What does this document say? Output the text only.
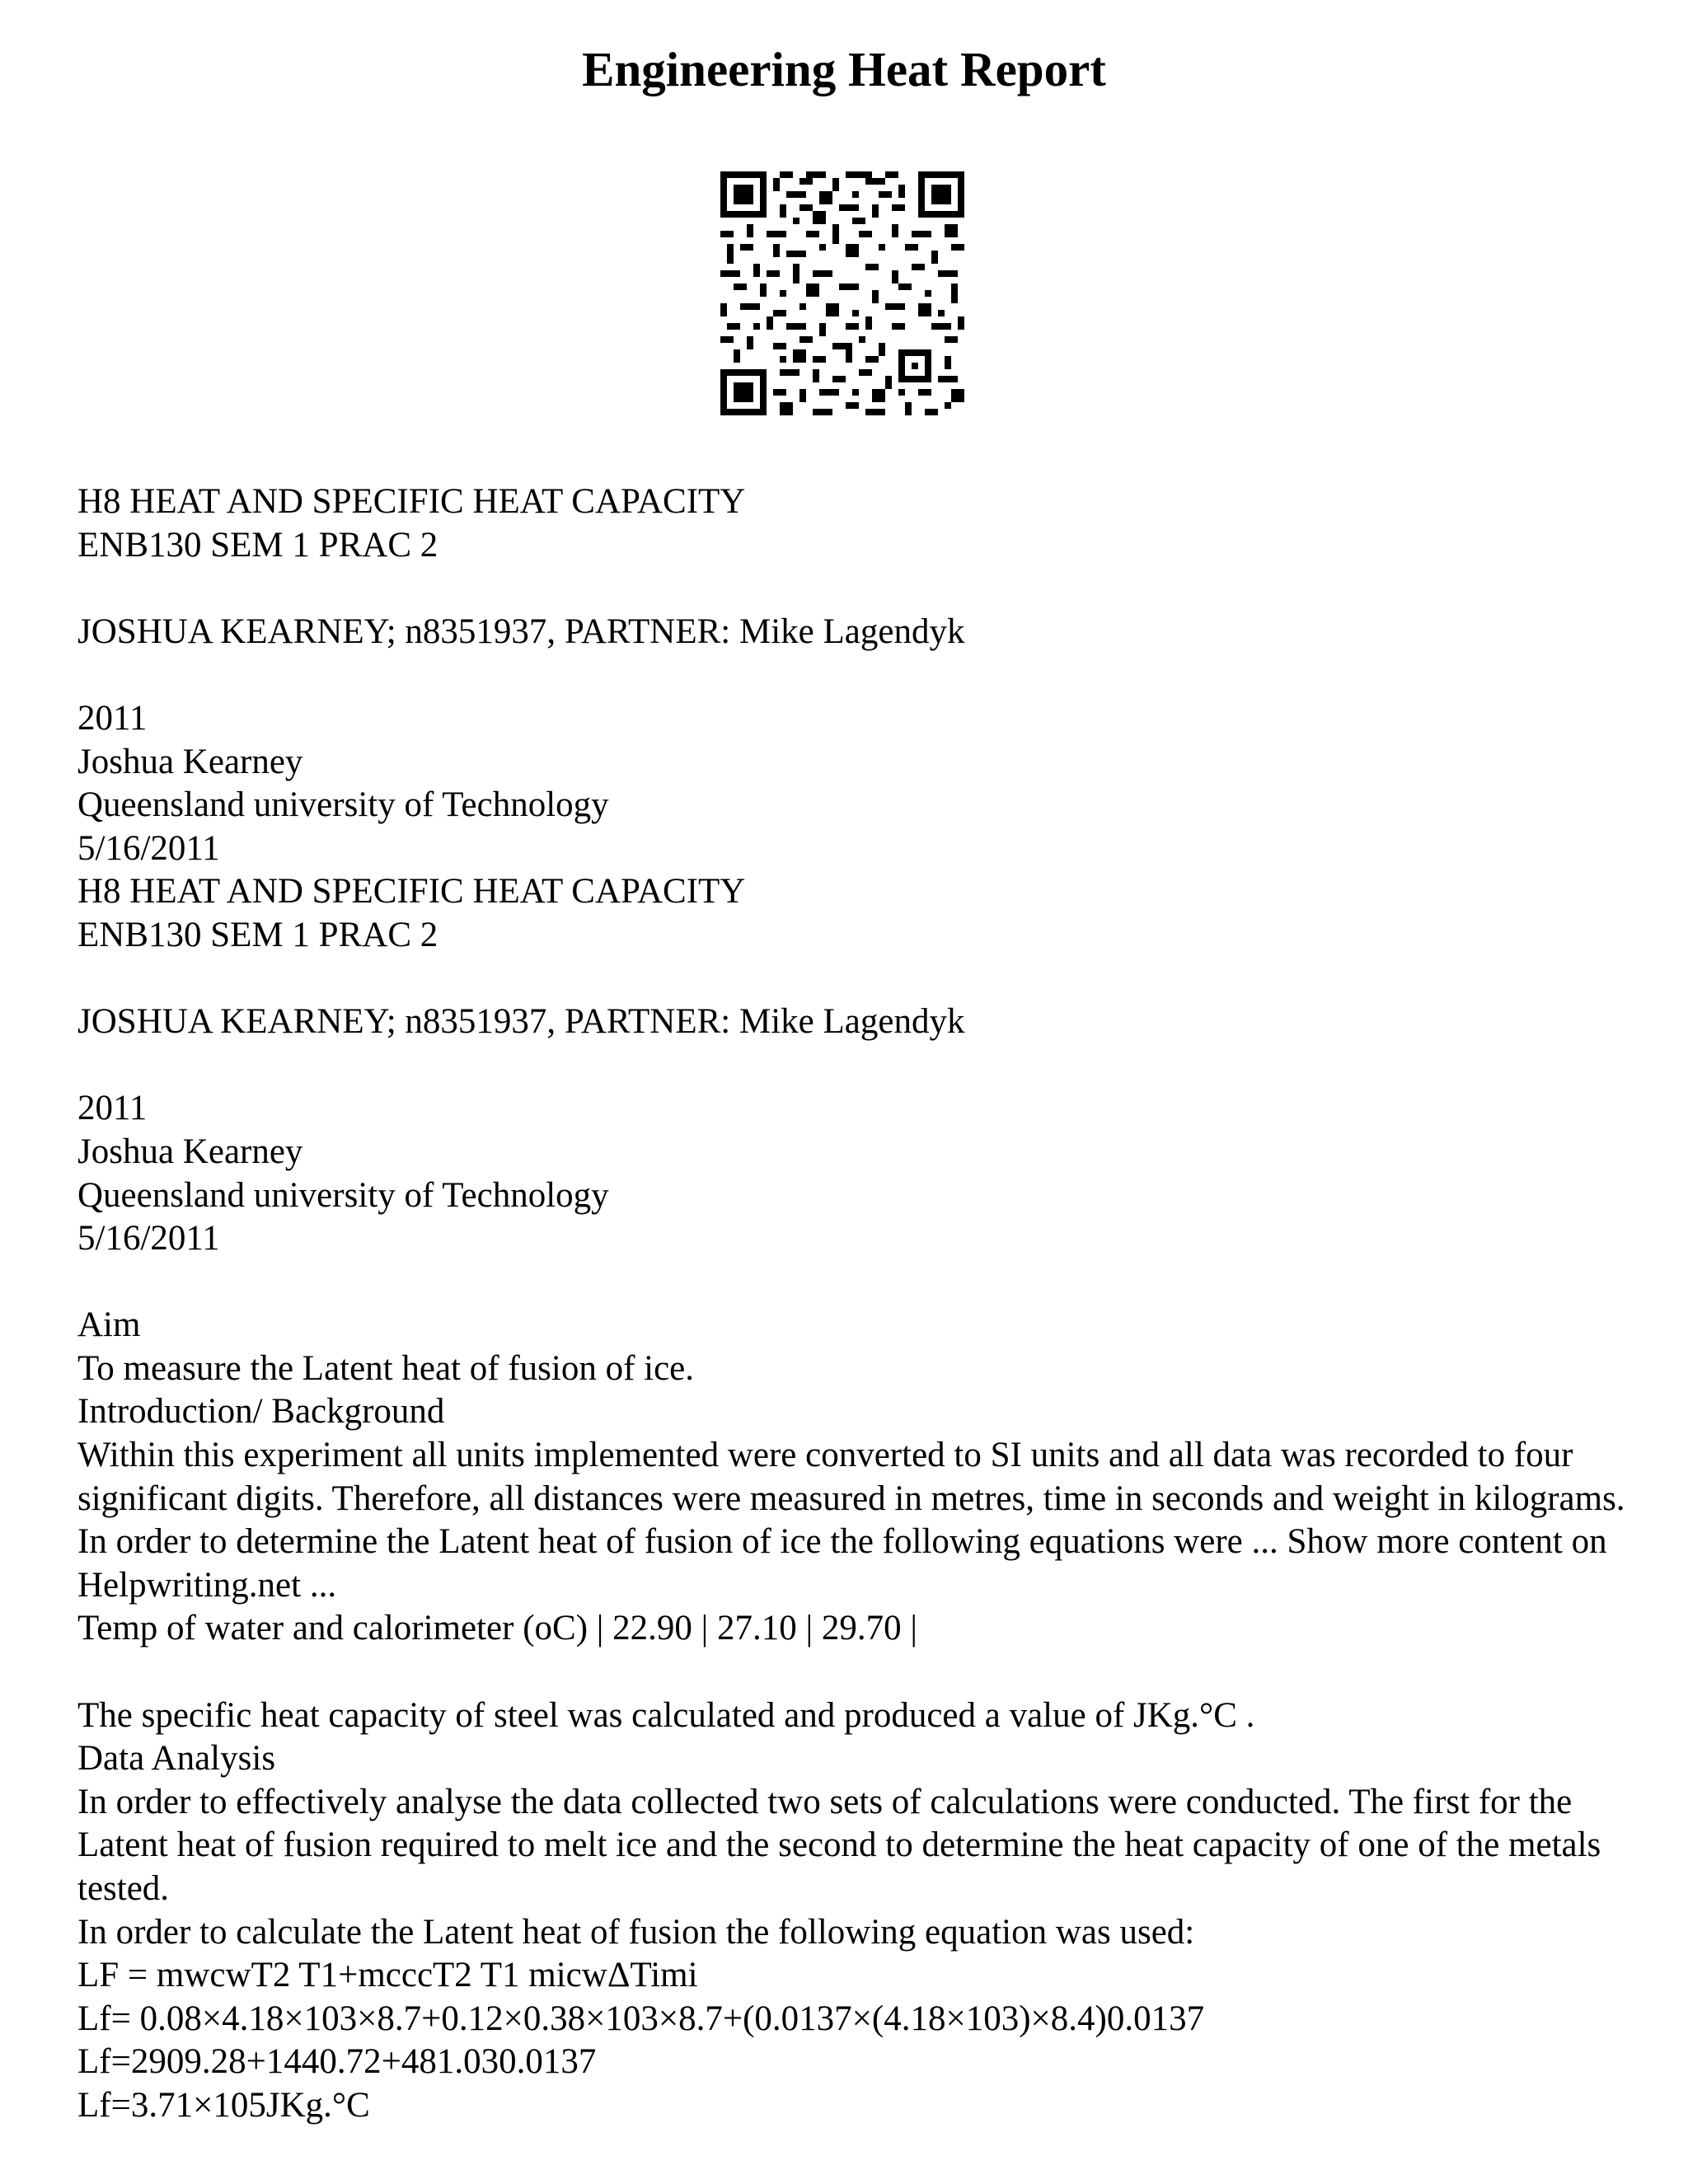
Engineering Heat Report
H8 HEAT AND SPECIFIC HEAT CAPACITY
ENB130 SEM 1 PRAC 2
JOSHUA KEARNEY; n8351937, PARTNER: Mike Lagendyk
2011
Joshua Kearney
Queensland university of Technology
5/16/2011
H8 HEAT AND SPECIFIC HEAT CAPACITY
ENB130 SEM 1 PRAC 2
JOSHUA KEARNEY; n8351937, PARTNER: Mike Lagendyk
2011
Joshua Kearney
Queensland university of Technology
5/16/2011
Aim
To measure the Latent heat of fusion of ice.
Introduction/ Background
Within this experiment all units implemented were converted to SI units and all data was recorded to four significant digits. Therefore, all distances were measured in metres, time in seconds and weight in kilograms.
In order to determine the Latent heat of fusion of ice the following equations were ... Show more content on Helpwriting.net ...
Temp of water and calorimeter (oC) | 22.90 | 27.10 | 29.70 |
The specific heat capacity of steel was calculated and produced a value of JKg.°C .
Data Analysis
In order to effectively analyse the data collected two sets of calculations were conducted. The first for the Latent heat of fusion required to melt ice and the second to determine the heat capacity of one of the metals tested.
In order to calculate the Latent heat of fusion the following equation was used:
LF = mwcwT2 T1+mcccT2 T1 micwΔTimi
Lf= 0.08×4.18×103×8.7+0.12×0.38×103×8.7+(0.0137×(4.18×103)×8.4)0.0137
Lf=2909.28+1440.72+481.030.0137
Lf=3.71×105JKg.°C
